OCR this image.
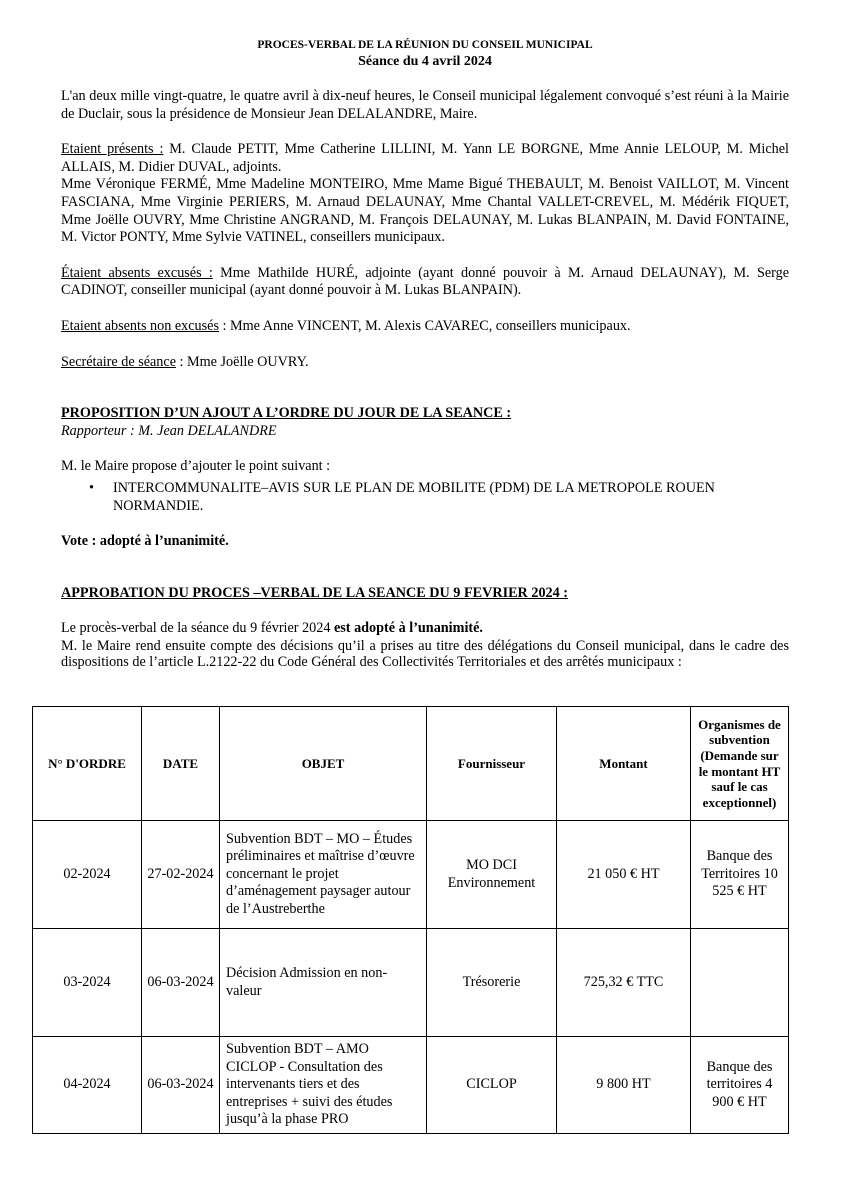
PROCES-VERBAL DE LA RÉUNION DU CONSEIL MUNICIPAL
Séance du 4 avril 2024

L'an deux mille vingt-quatre, le quatre avril à dix-neuf heures, le Conseil municipal légalement convoqué s’est réuni à la Mairie de Duclair, sous la présidence de Monsieur Jean DELALANDRE, Maire.

Etaient présents : M. Claude PETIT, Mme Catherine LILLINI, M. Yann LE BORGNE, Mme Annie LELOUP, M. Michel ALLAIS, M. Didier DUVAL, adjoints.

Mme Véronique FERMÉ, Mme Madeline MONTEIRO, Mme Mame Bigué THEBAULT, M. Benoist VAILLOT, M. Vincent FASCIANA, Mme Virginie PERIERS, M. Arnaud DELAUNAY, Mme Chantal VALLET-CREVEL, M. Médérik FIQUET, Mme Joëlle OUVRY, Mme Christine ANGRAND, M. François DELAUNAY, M. Lukas BLANPAIN, M. David FONTAINE, M. Victor PONTY, Mme Sylvie VATINEL, conseillers municipaux.

Étaient absents excusés : Mme Mathilde HURÉ, adjointe (ayant donné pouvoir à M. Arnaud DELAUNAY), M. Serge CADINOT, conseiller municipal (ayant donné pouvoir à M. Lukas BLANPAIN).

Etaient absents non excusés : Mme Anne VINCENT, M. Alexis CAVAREC, conseillers municipaux.

Secrétaire de séance : Mme Joëlle OUVRY.

PROPOSITION D’UN AJOUT A L’ORDRE DU JOUR DE LA SEANCE :

Rapporteur : M. Jean DELALANDRE

M. le Maire propose d’ajouter le point suivant :

• INTERCOMMUNALITE–AVIS SUR LE PLAN DE MOBILITE (PDM) DE LA METROPOLE ROUEN NORMANDIE.

Vote : adopté à l’unanimité.

APPROBATION DU PROCES –VERBAL DE LA SEANCE DU 9 FEVRIER 2024 :

Le procès-verbal de la séance du 9 février 2024 est adopté à l’unanimité.

M. le Maire rend ensuite compte des décisions qu’il a prises au titre des délégations du Conseil municipal, dans le cadre des dispositions de l’article L.2122-22 du Code Général des Collectivités Territoriales et des arrêtés municipaux :

N° D'ORDRE	DATE	OBJET	Fournisseur	Montant	Organismes de subvention (Demande sur le montant HT sauf le cas exceptionnel)
02-2024	27-02-2024	Subvention BDT – MO – Études préliminaires et maîtrise d’œuvre concernant le projet d’aménagement paysager autour de l’Austreberthe	MO DCI Environnement	21 050 € HT	Banque des Territoires 10 525 € HT
03-2024	06-03-2024	Décision Admission en non-valeur	Trésorerie	725,32 € TTC	
04-2024	06-03-2024	Subvention BDT – AMO CICLOP - Consultation des intervenants tiers et des entreprises + suivi des études jusqu’à la phase PRO	CICLOP	9 800 HT	Banque des territoires 4 900 € HT
